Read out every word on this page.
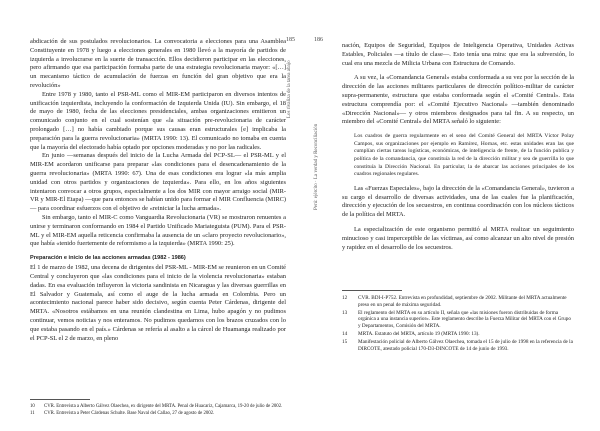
abdicación de sus postulados revolucionarios. La convocatoria a elecciones para una Asamblea Constituyente en 1978 y luego a elecciones generales en 1980 llevó a la mayoría de partidos de izquierda a involucrarse en la suerte de transacción. Ellos decidieron participar en las elecciones, pero afirmando que esa participación formaba parte de una estrategia revolucionaria mayor: «[…] un mecanismo táctico de acumulación de fuerzas en función del gran objetivo que era la revolución»

Entre 1978 y 1980, tanto el PSR-ML como el MIR-EM participaron en diversos intentos de unificación izquierdista, incluyendo la conformación de Izquierda Unida (IU). Sin embargo, el 18 de mayo de 1980, fecha de las elecciones presidenciales, ambas organizaciones emitieron un comunicado conjunto en el cual sostenían que «la situación pre-revolucionaria de carácter prolongado […] no había cambiado porque sus causas eran estructurales [e] implicaba la preparación para la guerra revolucionaria» (MRTA 1990: 13). El comunicado no tomaba en cuenta que la mayoría del electorado había optado por opciones moderadas y no por las radicales.

En junio —semanas después del inicio de la Lucha Armada del PCP-SL— el PSR-ML y el MIR-EM acordaron unificarse para preparar «las condiciones para el desencadenamiento de la guerra revolucionaria» (MRTA 1990: 67). Una de esas condiciones era lograr «la más amplia unidad con otros partidos y organizaciones de izquierda». Para ello, en los años siguientes intentaron convocar a otros grupos, especialmente a los dos MIR con mayor arraigo social (MIR-VR y MIR-El Etapa) —que para entonces se habían unido para formar el MIR Confluencia (MIRC)— para coordinar esfuerzos con el objetivo de «reiniciar la lucha armada».

Sin embargo, tanto el MIR-C como Vanguardia Revolucionaria (VR) se mostraron renuentes a unirse y terminaron conformando en 1984 el Partido Unificado Mariateguista (PUM). Para el PSR-ML y el MIR-EM aquella reticencia confirmaba la ausencia de un «claro proyecto revolucionario», que había «tenido fuertemente de reformismo a la izquierda» (MRTA 1990: 25).

Preparación e inicio de las acciones armadas (1982 - 1986)

El 1 de marzo de 1982, una decena de dirigentes del PSR-ML - MIR-EM se reunieron en un Comité Central y concluyeron que «las condiciones para el inicio de la violencia revolucionaria» estaban dadas. En esa evaluación influyeron la victoria sandinista en Nicaragua y las diversas guerrillas en El Salvador y Guatemala, así como el auge de la lucha armada en Colombia. Pero un acontecimiento nacional parece haber sido decisivo, según cuenta Peter Cárdenas, dirigente del MRTA. «Nosotros estábamos en una reunión clandestina en Lima, hubo apagón y no pudimos continuar, vemos noticias y nos enteramos. No pudimos quedarnos con los brazos cruzados con lo que estaba pasando en el país.» Cárdenas se refería al asalto a la cárcel de Huamanga realizado por el PCP-SL el 2 de marzo, en pleno

185
Los rivaliza de la tarea abajo
10	CVR. Entrevista a Alberto Gálvez Olaechea, ex dirigente del MRTA. Penal de Huacariz, Cajamarca, 19-20 de julio de 2002.
11	CVR. Entrevista a Peter Cárdenas Schulte. Base Naval del Callao, 27 de agosto de 2002.
186
Perú: ejército · La verdad y Reconciliación

nación, Equipos de Seguridad, Equipos de Inteligencia Operativa, Unidades Activas Estables, Policiales —a título de clase—. Esto tenía una mira: que era la subversión, lo cual era una mezcla de Milicia Urbana con Estructura de Comando.

A su vez, la «Comandancia General» estaba conformada a su vez por la sección de la dirección de las acciones militares particulares de dirección político-militar de carácter supra-permanente, estructura que estaba conformada según el «Comité Central». Esta estructura comprendía por: el «Comité Ejecutivo Nacional» —también denominado «Dirección Nacional»— y otros miembros designados para tal fin. A su respecto, un miembro del «Comité Central» del MRTA señaló lo siguiente:

Los cuadros de guerra regularmente en el seno del Comité General del MRTA Víctor Polay Campos, sus organizaciones por ejemplo en Ramírez, Hornas, etc. estas unidades eran las que cumplían ciertas tareas logísticas, económicas, de inteligencia de frente, de la función publica y política de la comandancia, que constituía la red de la dirección militar y sea de guerrilla lo que constituía la Dirección Nacional. En particular, la de abarcar las acciones principales de los cuadros regionales regulares.

Las «Fuerzas Especiales», bajo la dirección de la «Comandancia General», tuvieron a su cargo el desarrollo de diversas actividades, una de las cuales fue la planificación, dirección y ejecución de los secuestros, en continua coordinación con los núcleos tácticos de la política del MRTA.

La especialización de este organismo permitió al MRTA realizar un seguimiento minucioso y casi imperceptible de las víctimas, así como alcanzar un alto nivel de presión y rapidez en el desarrollo de los secuestros.

12	CVR. BDI-I-P752. Entrevista en profundidad, septiembre de 2002. Militante del MRTA actualmente preso en un penal de máxima seguridad.
13	El reglamento del MRTA en su artículo II, señala que «las misiones fueron distribuidas de forma orgánica a una instancia superior». Este reglamento describe la Fuerza Militar del MRTA con el Grupo y Departamentos, Comisión del MRTA.
14	MRTA. Estatuto del MRTA, artículo 19 (MRTA 1990: 13).
15	Manifestación policial de Alberto Gálvez Olaechea, tomada el 15 de julio de 1998 en la referencia de la DIRCOTE, atestado policial 170-D3-DINCOTE de 14 de junio de 1993.
